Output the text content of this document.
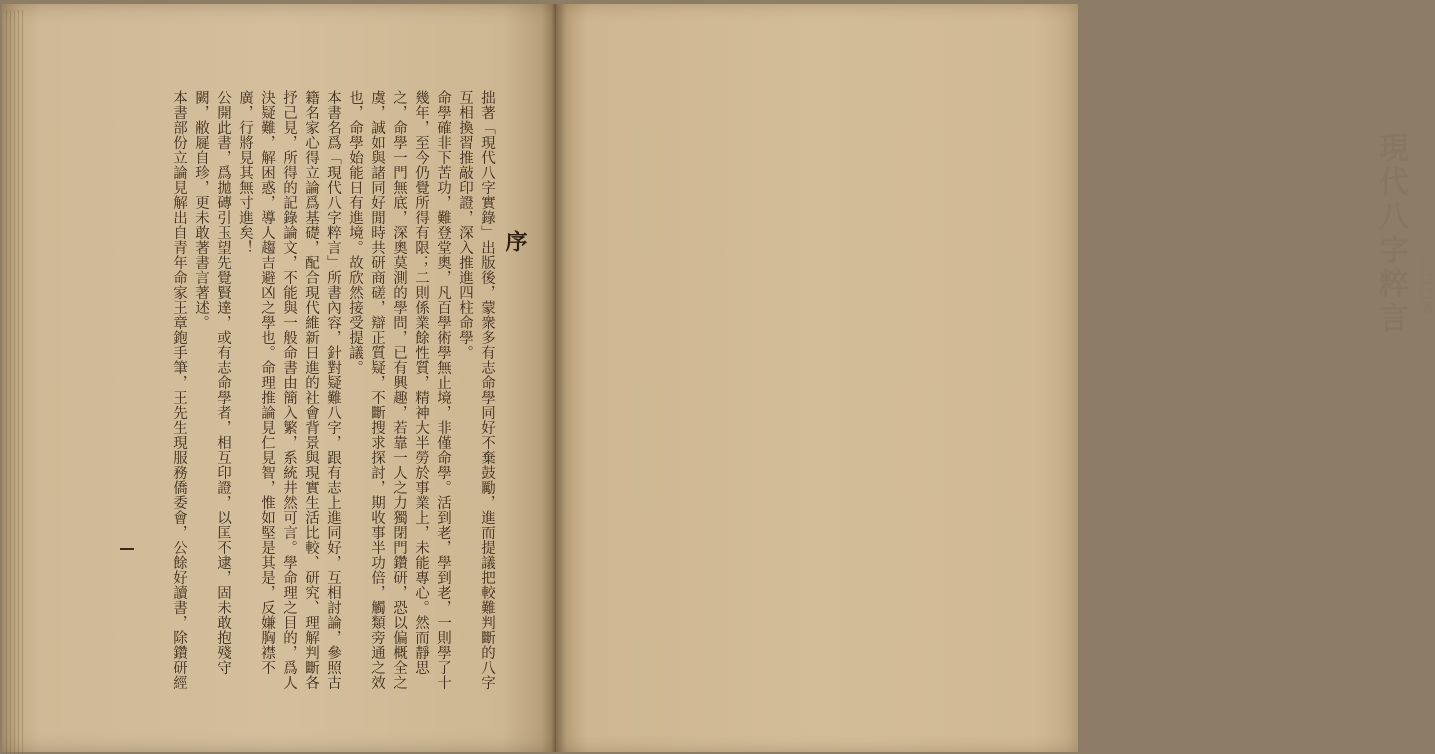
序

拙著「現代八字實錄」出版後，蒙衆多有志命學同好不棄鼓勵，進而提議把較難判斷的八字互相換習推敲印證，深入推進四柱命學。

命學確非下苦功，難登堂奧，凡百學術學無止境，非僅命學。活到老，學到老，一則學了十幾年，至今仍覺所得有限；二則係業餘性質，精神大半勞於事業上，未能專心。然而靜思之，命學一門無底，深奧莫測的學問，已有興趣，若靠一人之力獨閉門鑽研，恐以偏概全之虞，誠如與諸同好閒時共研商磋，辯正質疑，不斷搜求探討，期收事半功倍，觸類旁通之效也，命學始能日有進境。故欣然接受提議。

本書名爲「現代八字粹言」所書內容，針對疑難八字，跟有志上進同好，互相討論，參照古籍名家心得立論爲基礎，配合現代維新日進的社會背景與現實生活比較、研究、理解判斷各抒己見，所得的記錄論文，不能與一般命書由簡入繁，系統井然可言。學命理之目的，爲人決疑難，解困惑，導人趨吉避凶之學也。命理推論見仁見智，惟如堅是其是，反嫌胸襟不廣，行將見其無寸進矣！

公開此書，爲拋磚引玉望先覺賢達，或有志命學者，相互印證，以匡不逮，固未敢抱殘守闕，敝屣自珍，更未敢著書言著述。

本書部份立論見解出自青年命家王章鉋手筆，王先生現服務僑委會，公餘好讀書，除鑽研經	現代八字粹言 □□□著
